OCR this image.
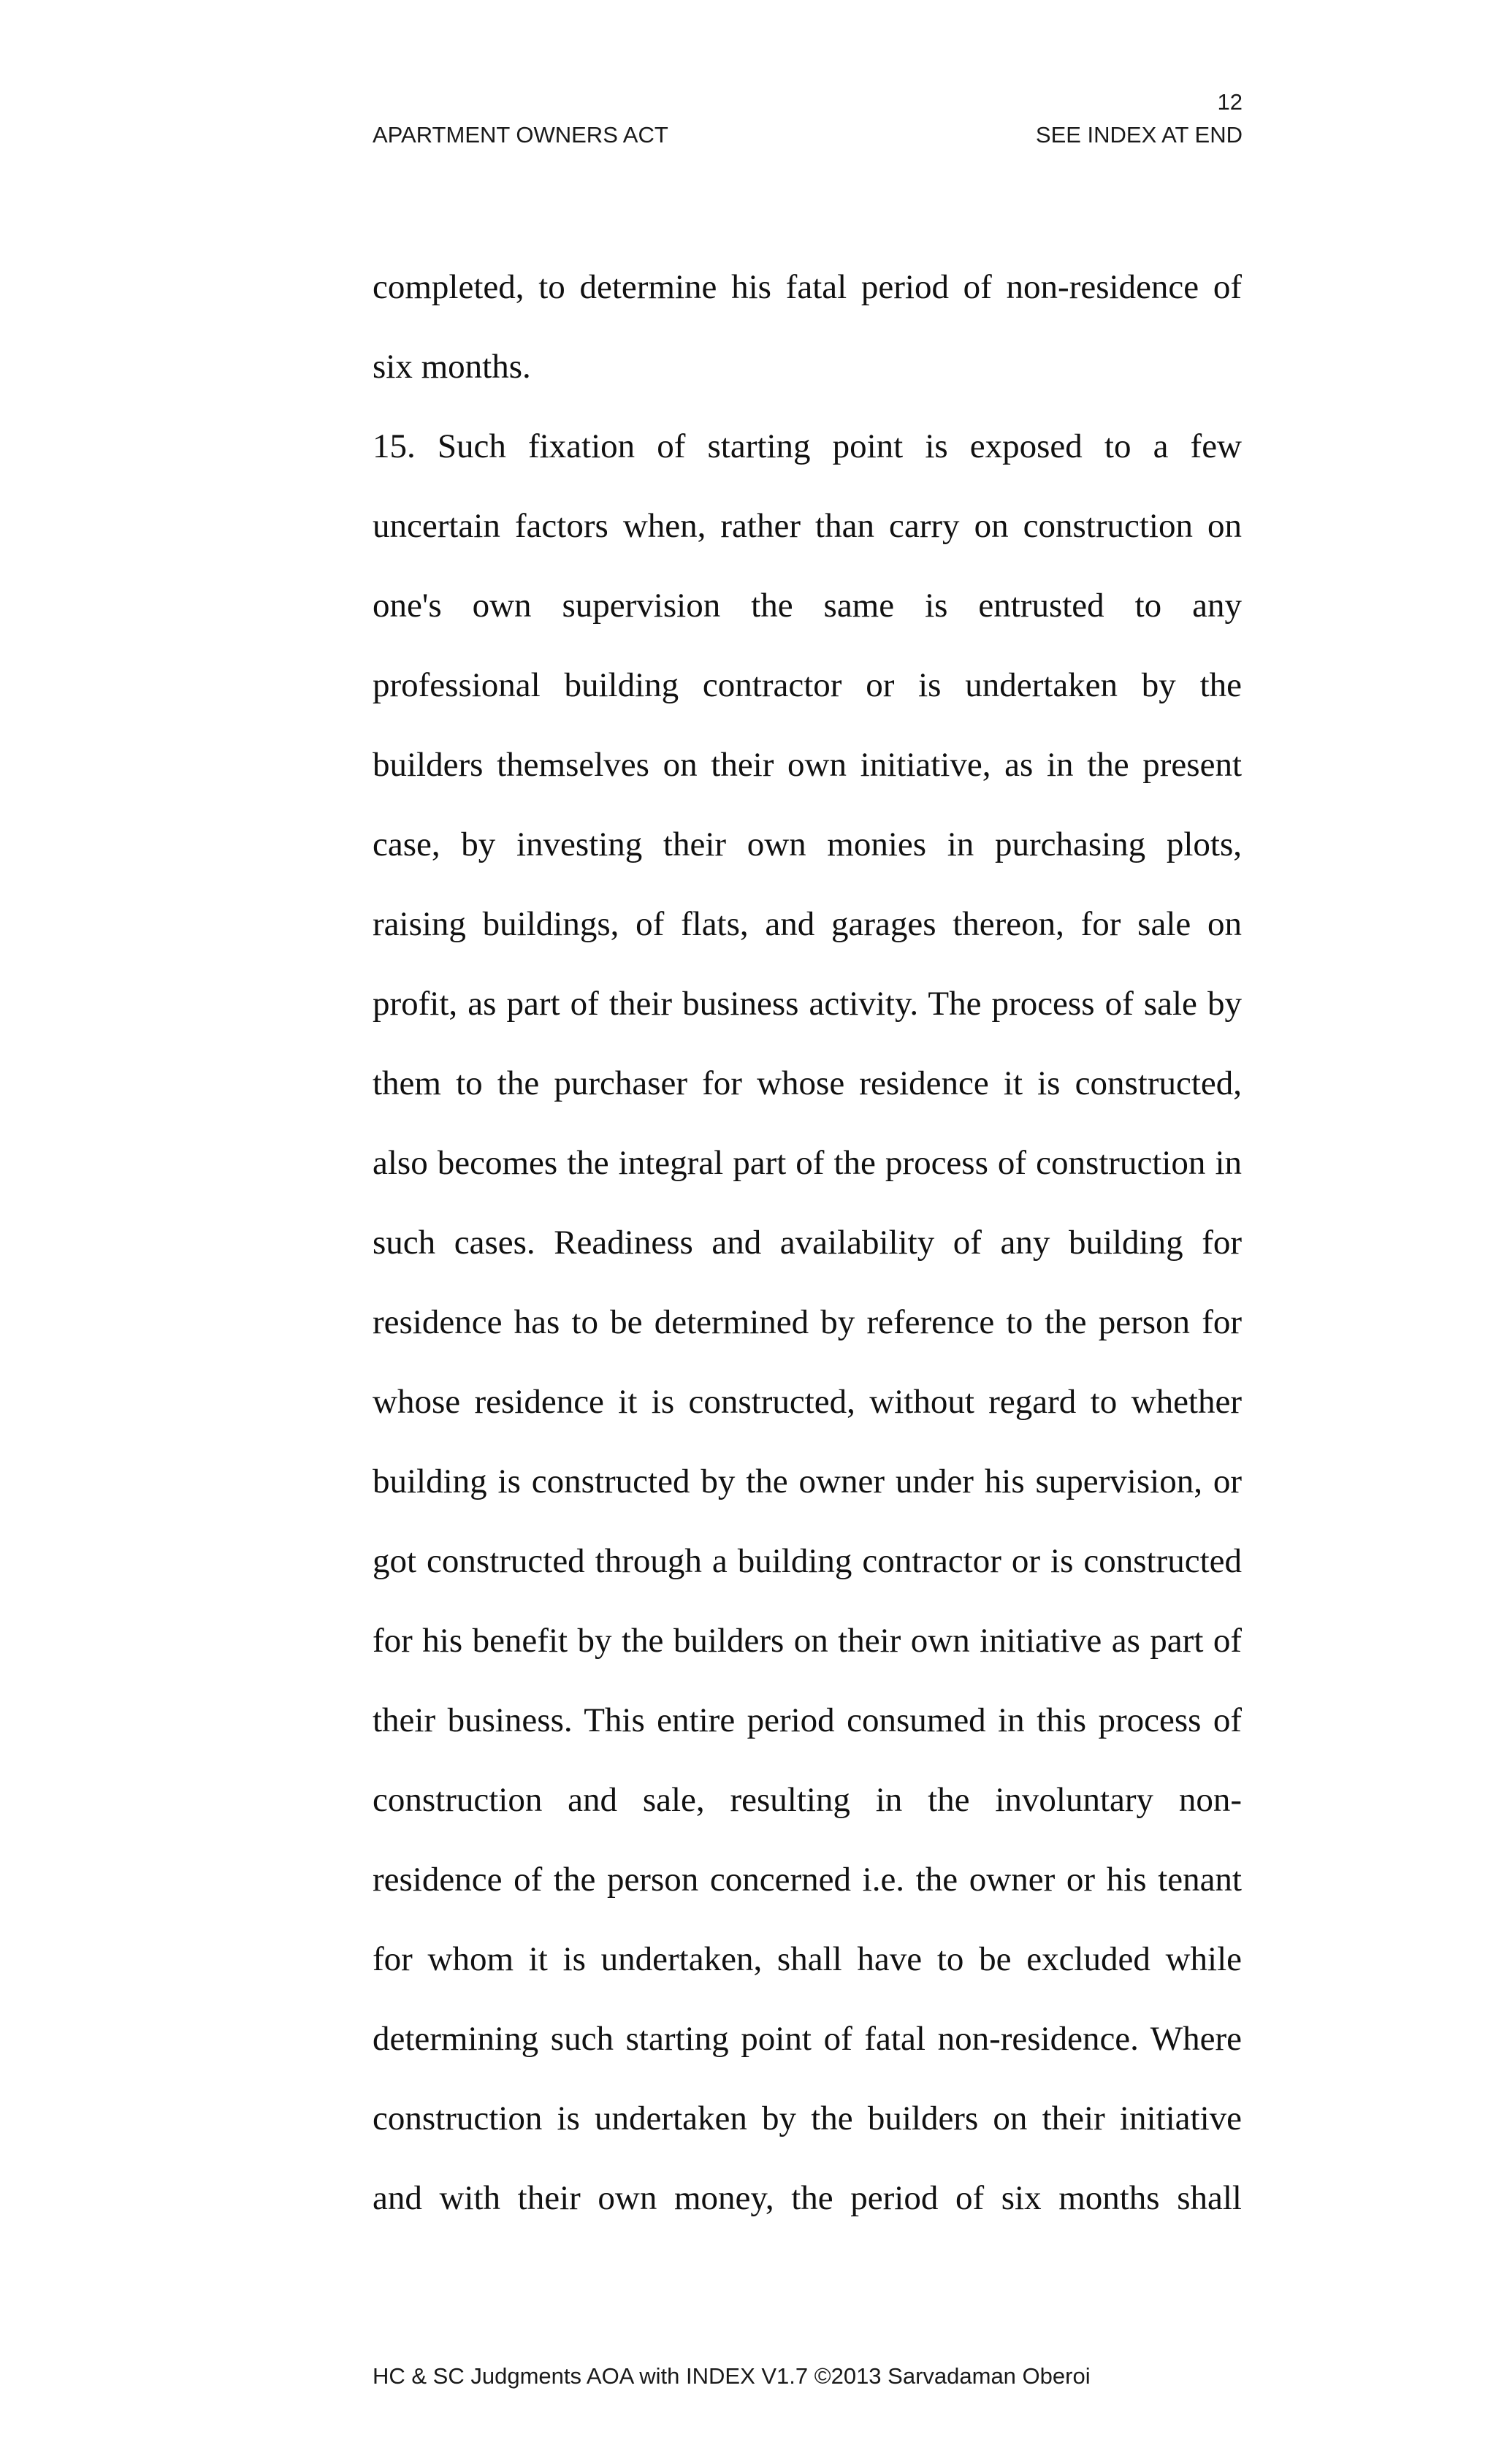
12
APARTMENT OWNERS ACT	SEE INDEX AT END
completed, to determine his fatal period of non-residence of
six months.
15. Such fixation of starting point is exposed to a few
uncertain factors when, rather than carry on construction on
one's own supervision the same is entrusted to any
professional building contractor or is undertaken by the
builders themselves on their own initiative, as in the present
case, by investing their own monies in purchasing plots,
raising buildings, of flats, and garages thereon, for sale on
profit, as part of their business activity. The process of sale by
them to the purchaser for whose residence it is constructed,
also becomes the integral part of the process of construction in
such cases. Readiness and availability of any building for
residence has to be determined by reference to the person for
whose residence it is constructed, without regard to whether
building is constructed by the owner under his supervision, or
got constructed through a building contractor or is constructed
for his benefit by the builders on their own initiative as part of
their business. This entire period consumed in this process of
construction and sale, resulting in the involuntary non-
residence of the person concerned i.e. the owner or his tenant
for whom it is undertaken, shall have to be excluded while
determining such starting point of fatal non-residence. Where
construction is undertaken by the builders on their initiative
and with their own money, the period of six months shall
HC & SC Judgments AOA with INDEX V1.7 ©2013 Sarvadaman Oberoi
